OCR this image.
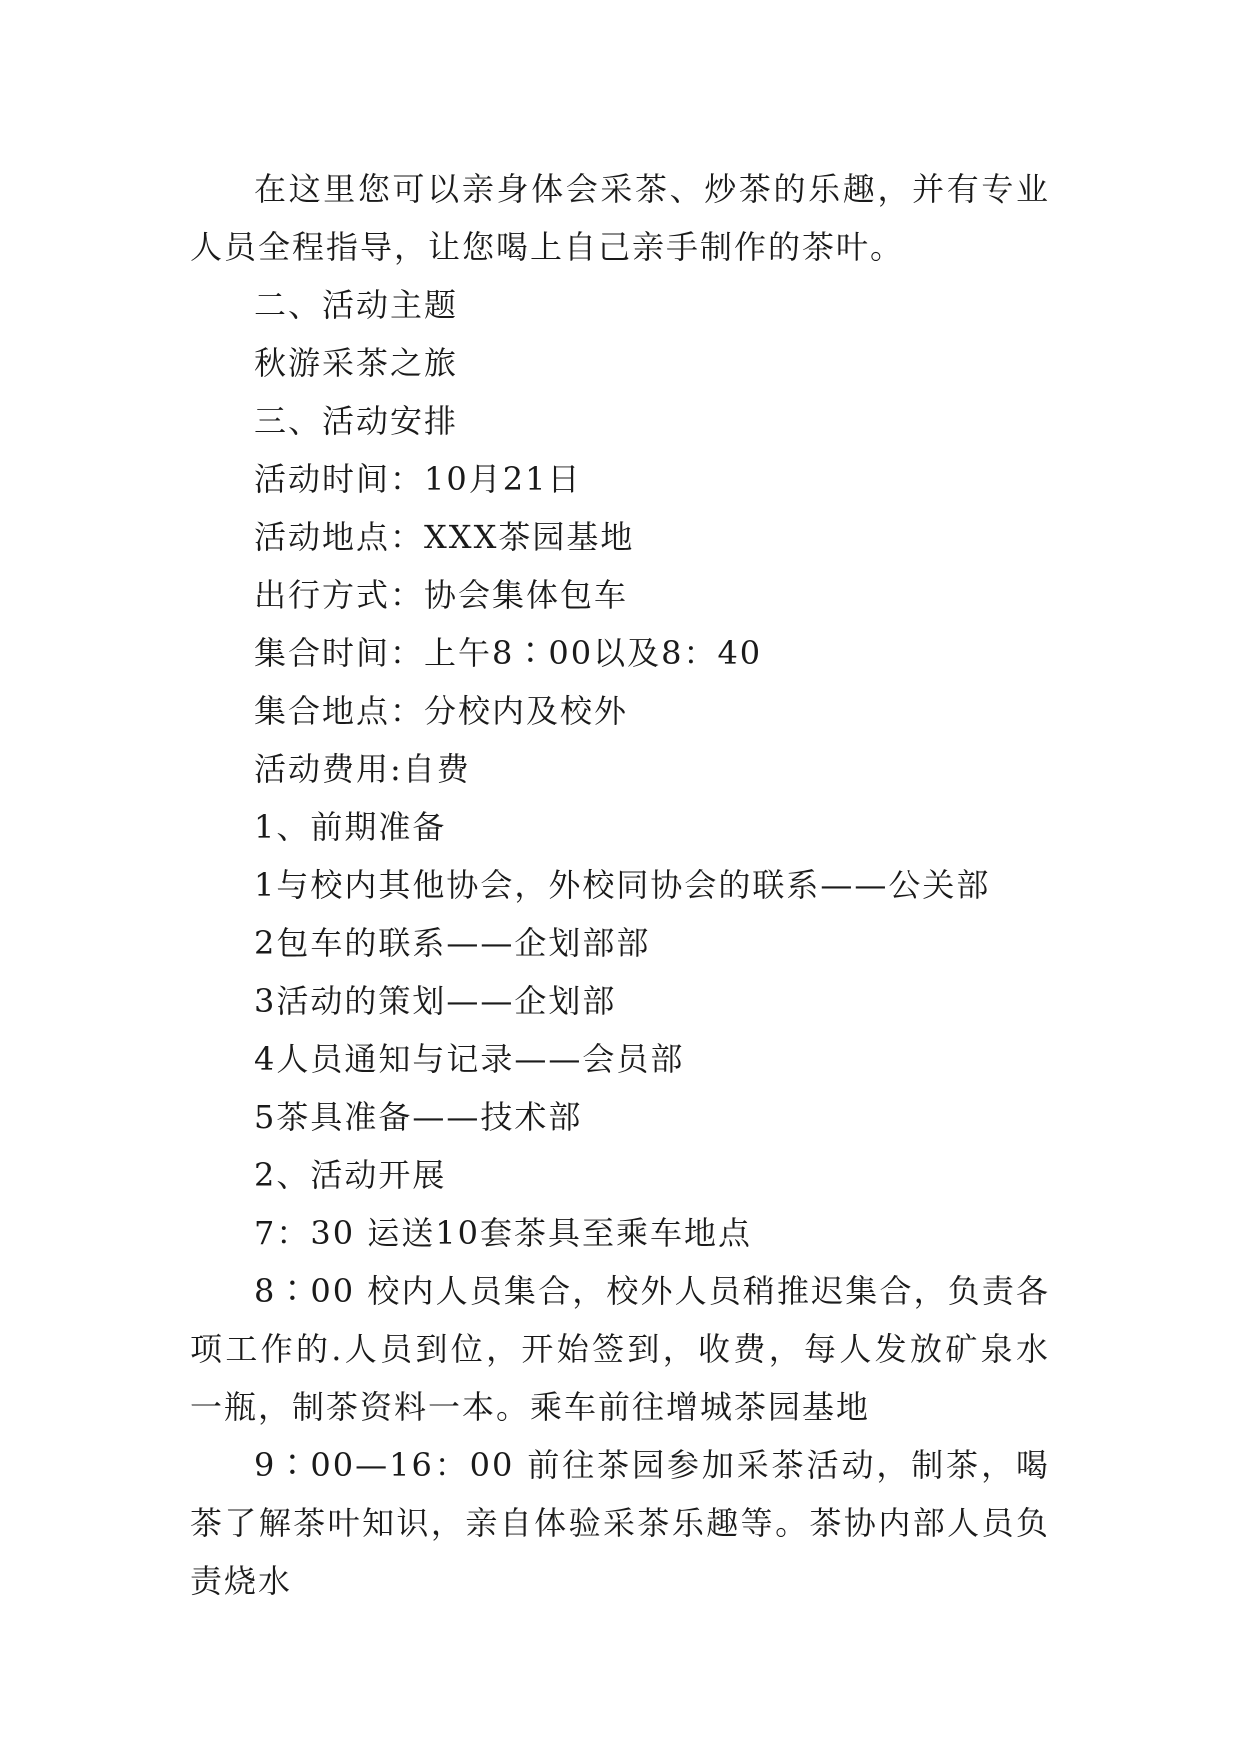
在这里您可以亲身体会采茶、炒茶的乐趣，并有专业人员全程指导，让您喝上自己亲手制作的茶叶。

二、活动主题

秋游采茶之旅

三、活动安排

活动时间：10月21日

活动地点：XXX茶园基地

出行方式：协会集体包车

集合时间：上午8∶00以及8：40

集合地点：分校内及校外

活动费用:自费

1、前期准备

1与校内其他协会，外校同协会的联系——公关部

2包车的联系——企划部部

3活动的策划——企划部

4人员通知与记录——会员部

5茶具准备——技术部

2、活动开展

7：30 运送10套茶具至乘车地点

8∶00 校内人员集合，校外人员稍推迟集合，负责各项工作的.人员到位，开始签到，收费，每人发放矿泉水一瓶，制茶资料一本。乘车前往增城茶园基地

9∶00—16：00 前往茶园参加采茶活动，制茶，喝茶了解茶叶知识，亲自体验采茶乐趣等。茶协内部人员负责烧水
